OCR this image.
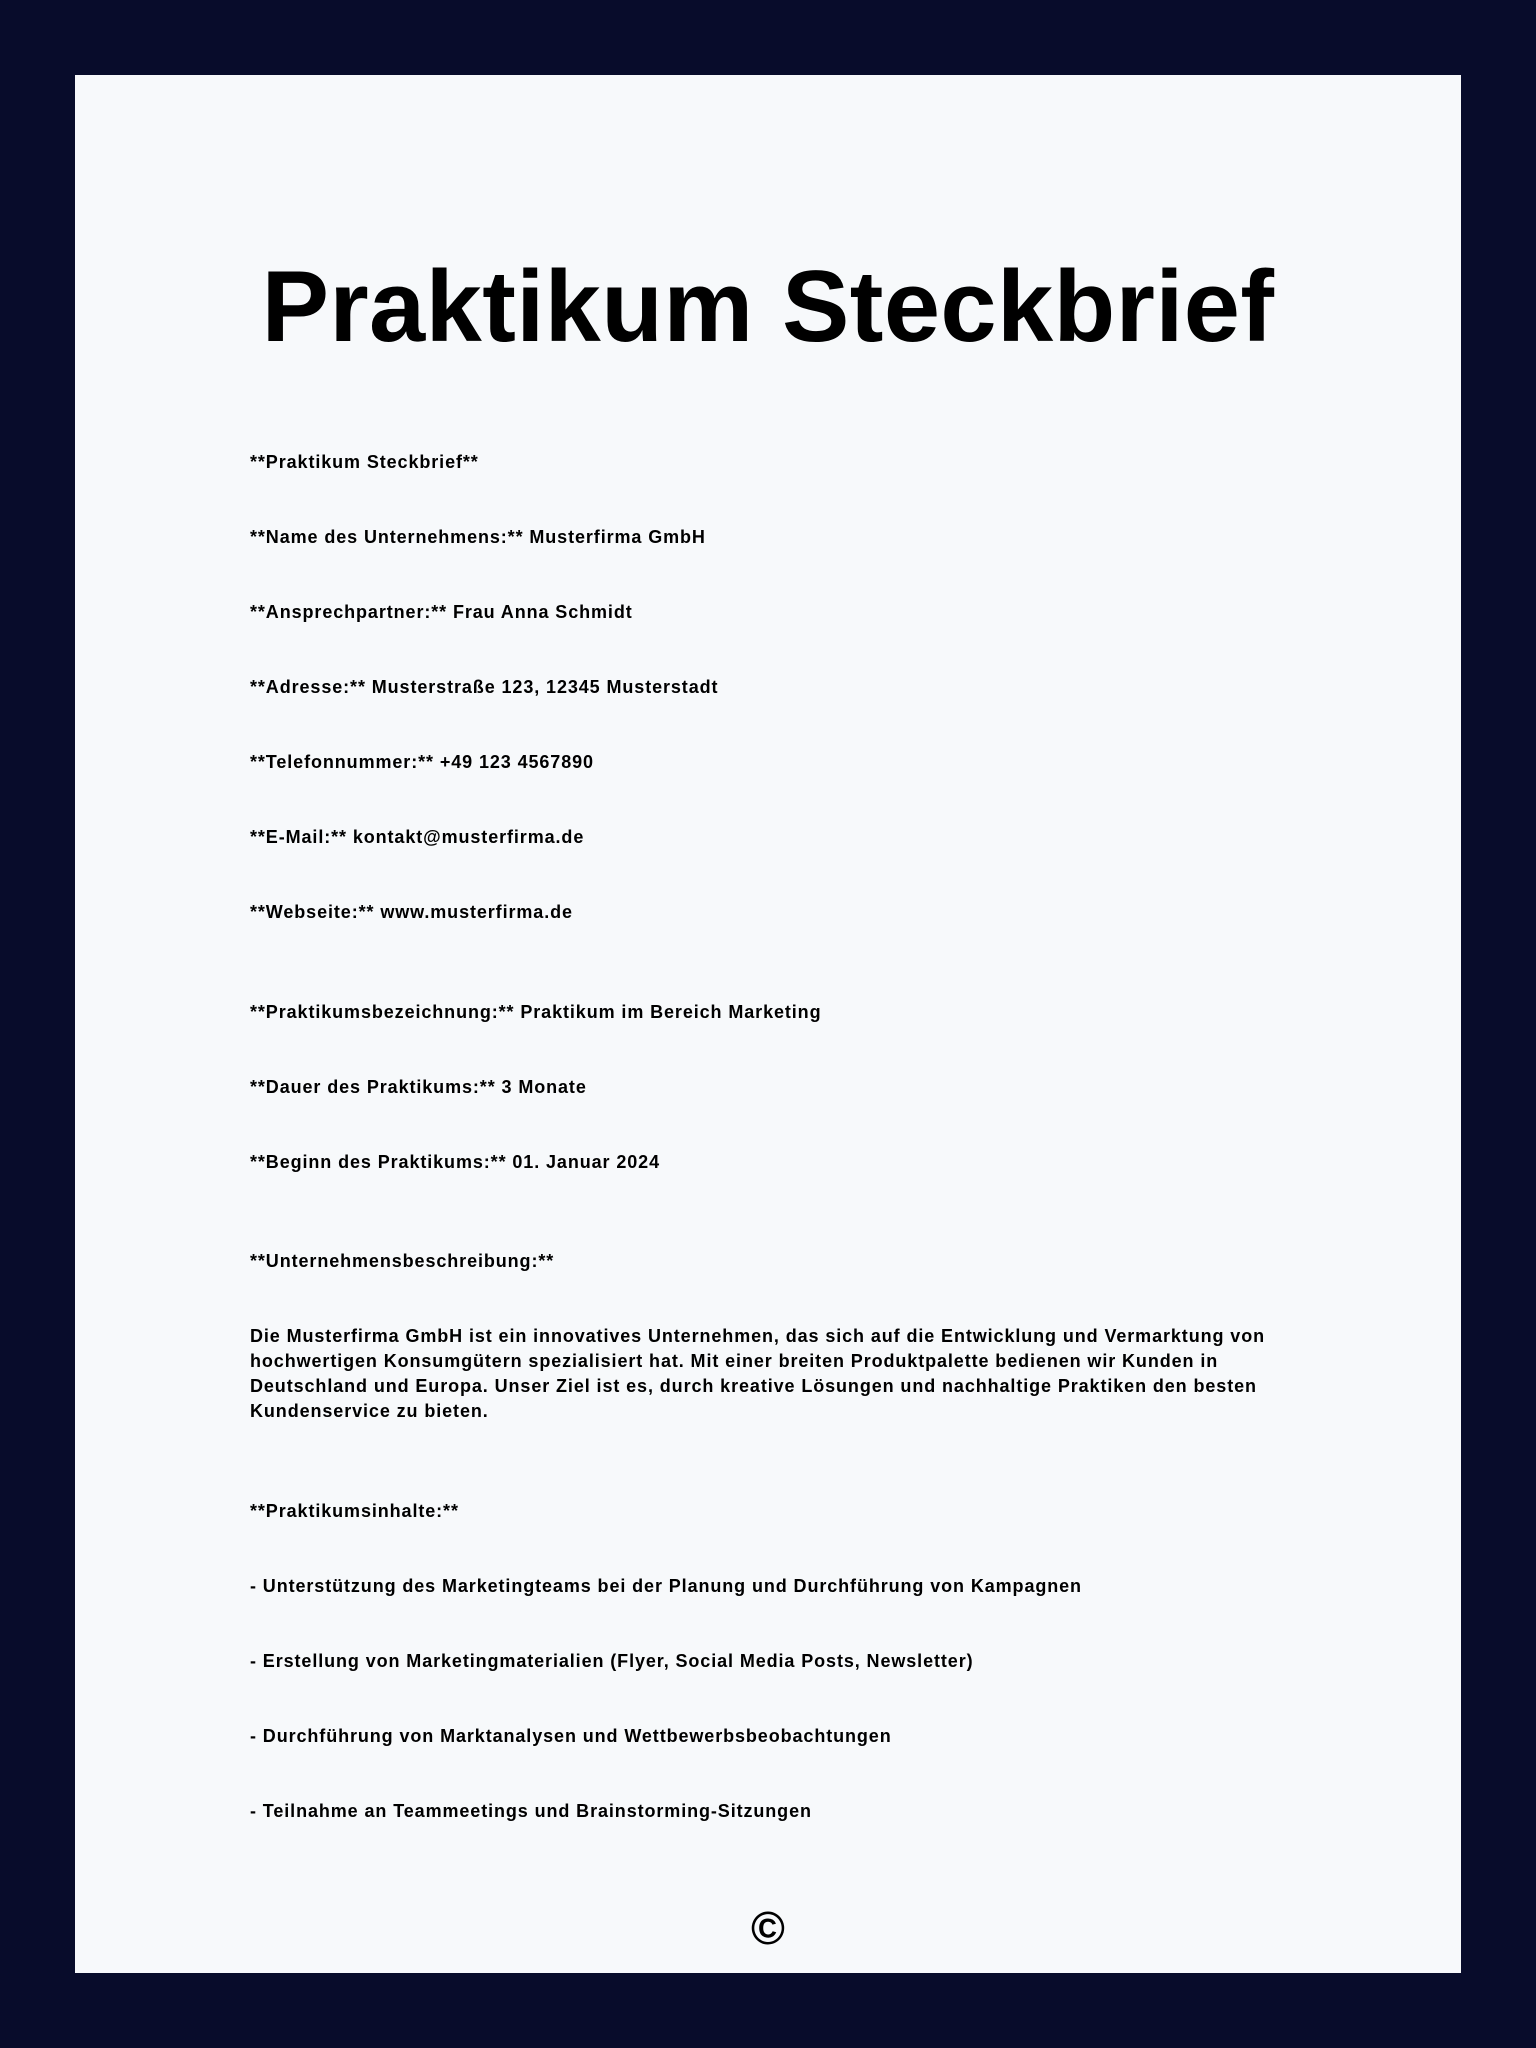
Praktikum Steckbrief

**Praktikum Steckbrief**

**Name des Unternehmens:** Musterfirma GmbH

**Ansprechpartner:** Frau Anna Schmidt

**Adresse:** Musterstraße 123, 12345 Musterstadt

**Telefonnummer:** +49 123 4567890

**E-Mail:** kontakt@musterfirma.de

**Webseite:** www.musterfirma.de

**Praktikumsbezeichnung:** Praktikum im Bereich Marketing

**Dauer des Praktikums:** 3 Monate

**Beginn des Praktikums:** 01. Januar 2024

**Unternehmensbeschreibung:**

Die Musterfirma GmbH ist ein innovatives Unternehmen, das sich auf die Entwicklung und Vermarktung von hochwertigen Konsumgütern spezialisiert hat. Mit einer breiten Produktpalette bedienen wir Kunden in Deutschland und Europa. Unser Ziel ist es, durch kreative Lösungen und nachhaltige Praktiken den besten Kundenservice zu bieten.

**Praktikumsinhalte:**

- Unterstützung des Marketingteams bei der Planung und Durchführung von Kampagnen

- Erstellung von Marketingmaterialien (Flyer, Social Media Posts, Newsletter)

- Durchführung von Marktanalysen und Wettbewerbsbeobachtungen

- Teilnahme an Teammeetings und Brainstorming-Sitzungen

©
